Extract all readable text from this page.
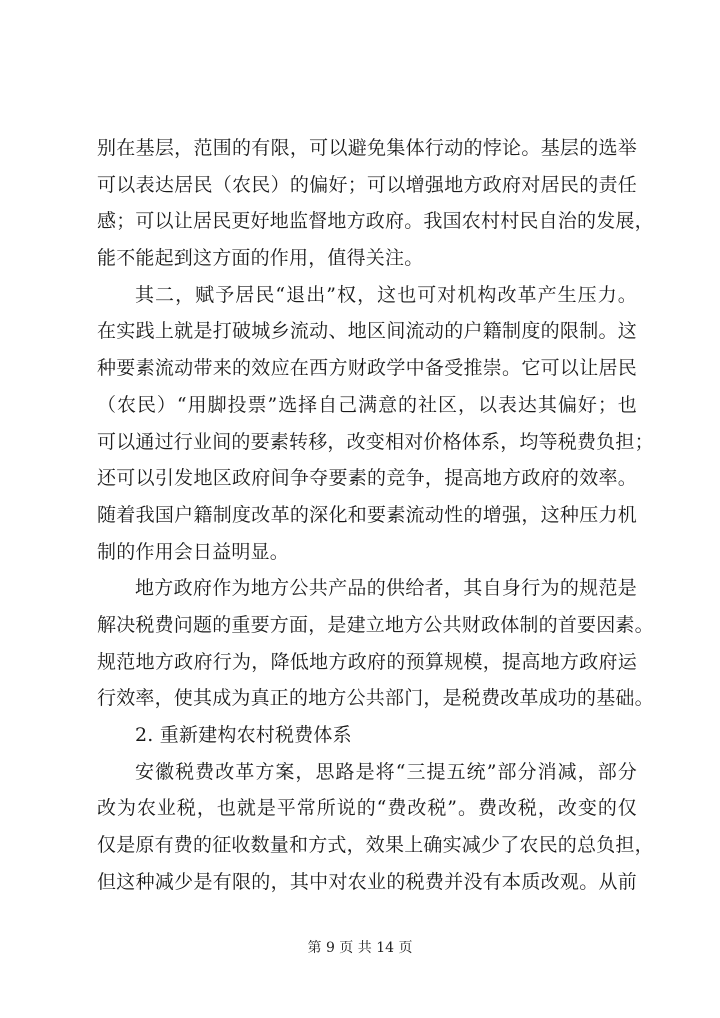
别在基层，范围的有限，可以避免集体行动的悖论。基层的选举
可以表达居民（农民）的偏好；可以增强地方政府对居民的责任
感；可以让居民更好地监督地方政府。我国农村村民自治的发展，
能不能起到这方面的作用，值得关注。
其二，赋予居民“退出”权，这也可对机构改革产生压力。
在实践上就是打破城乡流动、地区间流动的户籍制度的限制。这
种要素流动带来的效应在西方财政学中备受推崇。它可以让居民
（农民）“用脚投票”选择自己满意的社区，以表达其偏好；也
可以通过行业间的要素转移，改变相对价格体系，均等税费负担；
还可以引发地区政府间争夺要素的竞争，提高地方政府的效率。
随着我国户籍制度改革的深化和要素流动性的增强，这种压力机
制的作用会日益明显。
地方政府作为地方公共产品的供给者，其自身行为的规范是
解决税费问题的重要方面，是建立地方公共财政体制的首要因素。
规范地方政府行为，降低地方政府的预算规模，提高地方政府运
行效率，使其成为真正的地方公共部门，是税费改革成功的基础。
2. 重新建构农村税费体系
安徽税费改革方案，思路是将“三提五统”部分消减，部分
改为农业税，也就是平常所说的“费改税”。费改税，改变的仅
仅是原有费的征收数量和方式，效果上确实减少了农民的总负担，
但这种减少是有限的，其中对农业的税费并没有本质改观。从前
第 9 页 共 14 页
